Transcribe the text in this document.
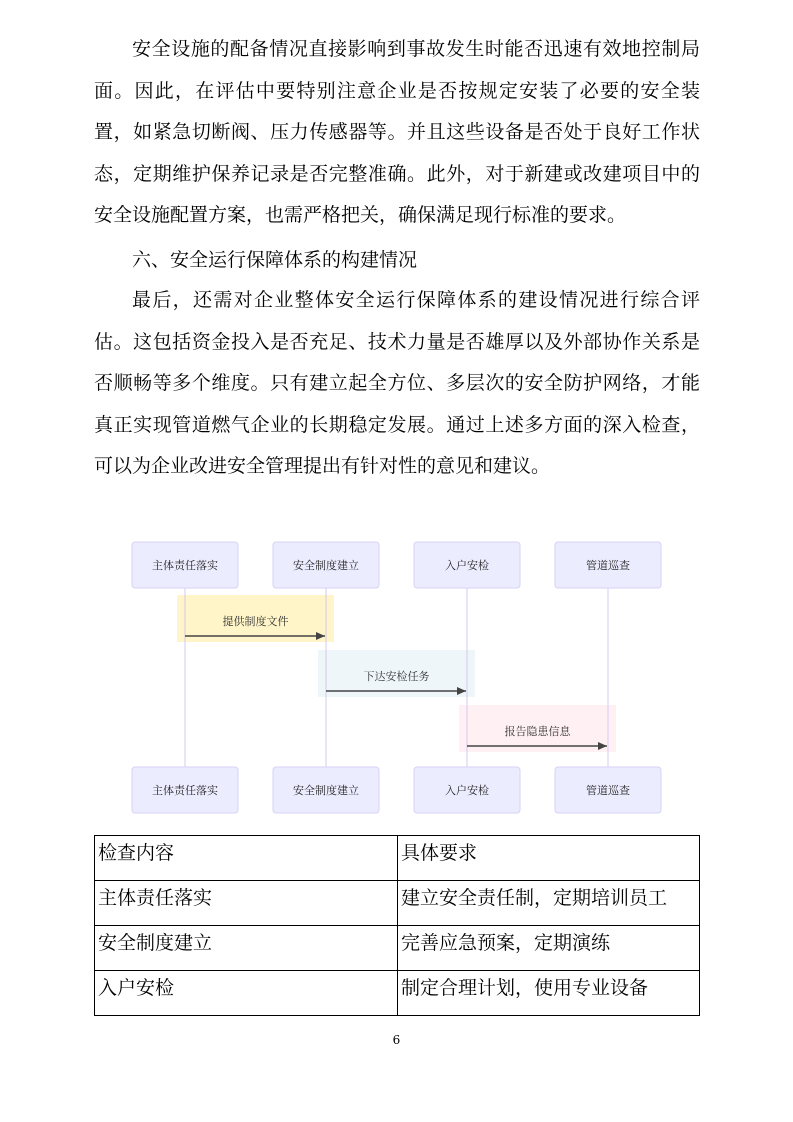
安全设施的配备情况直接影响到事故发生时能否迅速有效地控制局面。因此，在评估中要特别注意企业是否按规定安装了必要的安全装置，如紧急切断阀、压力传感器等。并且这些设备是否处于良好工作状态，定期维护保养记录是否完整准确。此外，对于新建或改建项目中的安全设施配置方案，也需严格把关，确保满足现行标准的要求。

六、安全运行保障体系的构建情况

最后，还需对企业整体安全运行保障体系的建设情况进行综合评估。这包括资金投入是否充足、技术力量是否雄厚以及外部协作关系是否顺畅等多个维度。只有建立起全方位、多层次的安全防护网络，才能真正实现管道燃气企业的长期稳定发展。通过上述多方面的深入检查，可以为企业改进安全管理提出有针对性的意见和建议。

主体责任落实
主体责任落实
安全制度建立
安全制度建立
入户安检
入户安检
管道巡查
管道巡查
提供制度文件
下达安检任务
报告隐患信息
检查内容	具体要求
主体责任落实	建立安全责任制，定期培训员工
安全制度建立	完善应急预案，定期演练
入户安检	制定合理计划，使用专业设备
6
